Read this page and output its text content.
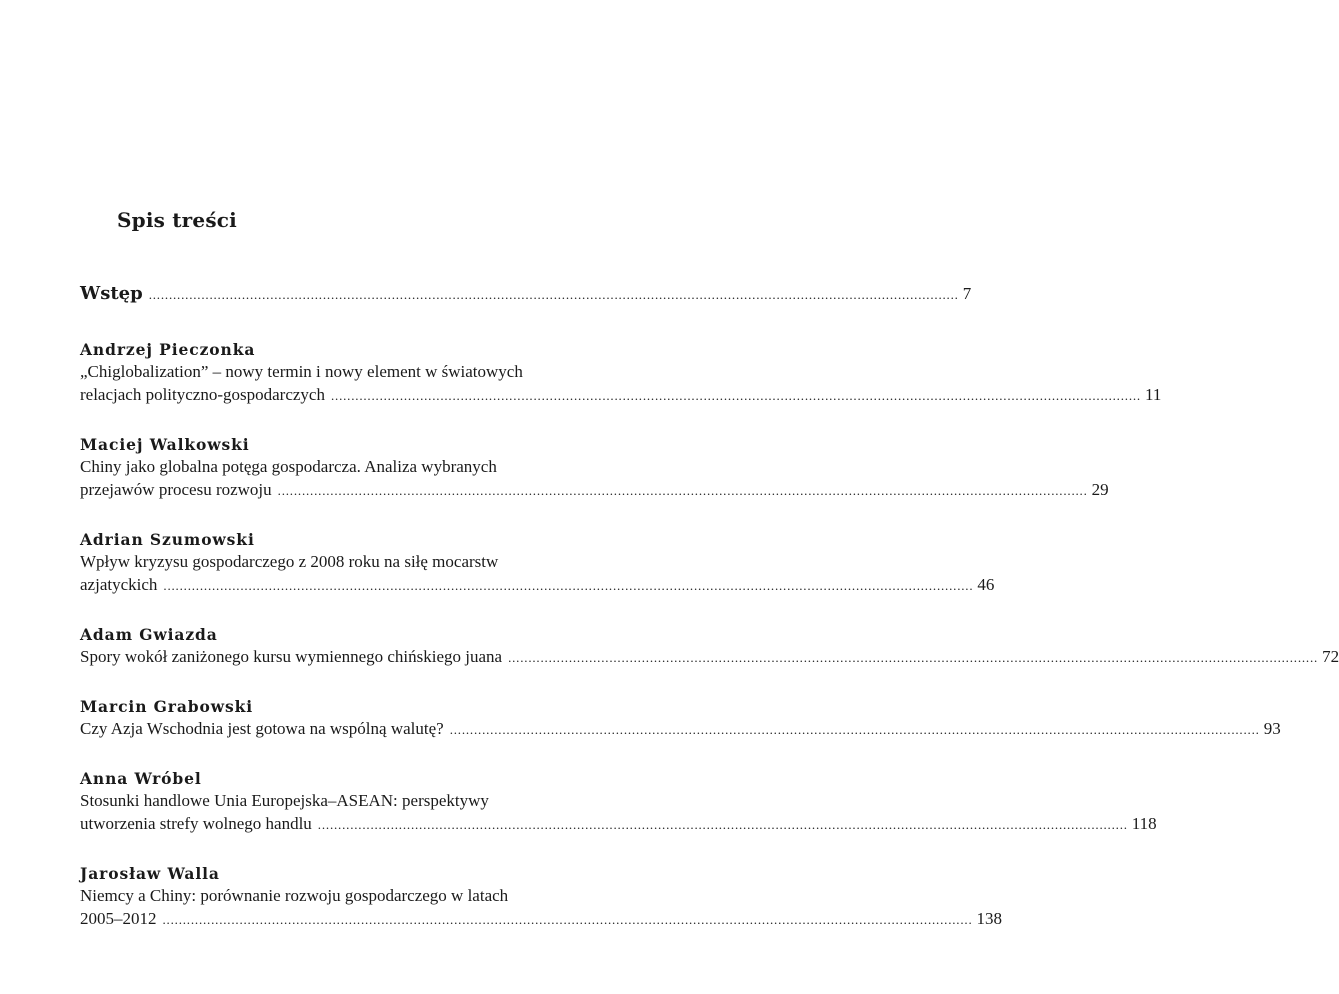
Spis treści
Wstęp ........................................................................................................................................................................................................ 7
Andrzej Pieczonka
„Chiglobalization” – nowy termin i nowy element w światowych
relacjach polityczno-gospodarczych ........................................................................................................................................................................................................ 11
Maciej Walkowski
Chiny jako globalna potęga gospodarcza. Analiza wybranych
przejawów procesu rozwoju ........................................................................................................................................................................................................ 29
Adrian Szumowski
Wpływ kryzysu gospodarczego z 2008 roku na siłę mocarstw
azjatyckich ........................................................................................................................................................................................................ 46
Adam Gwiazda
Spory wokół zaniżonego kursu wymiennego chińskiego juana ........................................................................................................................................................................................................ 72
Marcin Grabowski
Czy Azja Wschodnia jest gotowa na wspólną walutę? ........................................................................................................................................................................................................ 93
Anna Wróbel
Stosunki handlowe Unia Europejska–ASEAN: perspektywy
utworzenia strefy wolnego handlu ........................................................................................................................................................................................................ 118
Jarosław Walla
Niemcy a Chiny: porównanie rozwoju gospodarczego w latach
2005–2012 ........................................................................................................................................................................................................ 138
